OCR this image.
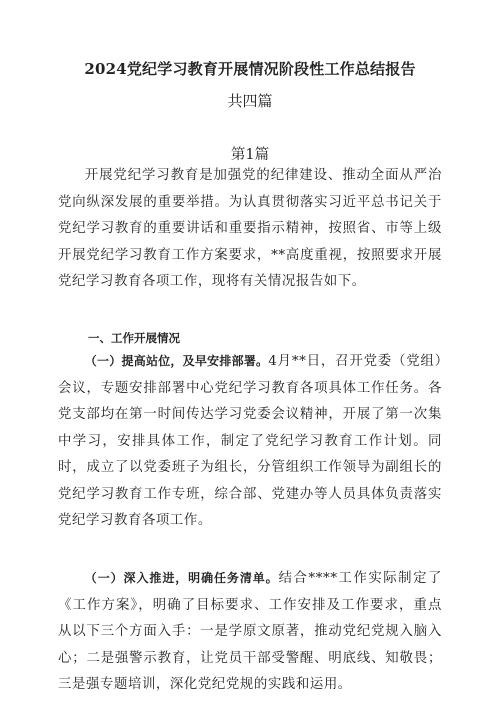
2024党纪学习教育开展情况阶段性工作总结报告
共四篇
第1篇
开展党纪学习教育是加强党的纪律建设、推动全面从严治党向纵深发展的重要举措。为认真贯彻落实习近平总书记关于党纪学习教育的重要讲话和重要指示精神，按照省、市等上级开展党纪学习教育工作方案要求，**高度重视，按照要求开展党纪学习教育各项工作，现将有关情况报告如下。
一、工作开展情况
（一）提高站位，及早安排部署。4月**日，召开党委（党组）会议，专题安排部署中心党纪学习教育各项具体工作任务。各党支部均在第一时间传达学习党委会议精神，开展了第一次集中学习，安排具体工作，制定了党纪学习教育工作计划。同时，成立了以党委班子为组长，分管组织工作领导为副组长的党纪学习教育工作专班，综合部、党建办等人员具体负责落实党纪学习教育各项工作。
（一）深入推进，明确任务清单。结合****工作实际制定了《工作方案》，明确了目标要求、工作安排及工作要求，重点从以下三个方面入手：一是学原文原著，推动党纪党规入脑入心；二是强警示教育，让党员干部受警醒、明底线、知敬畏；三是强专题培训，深化党纪党规的实践和运用。
